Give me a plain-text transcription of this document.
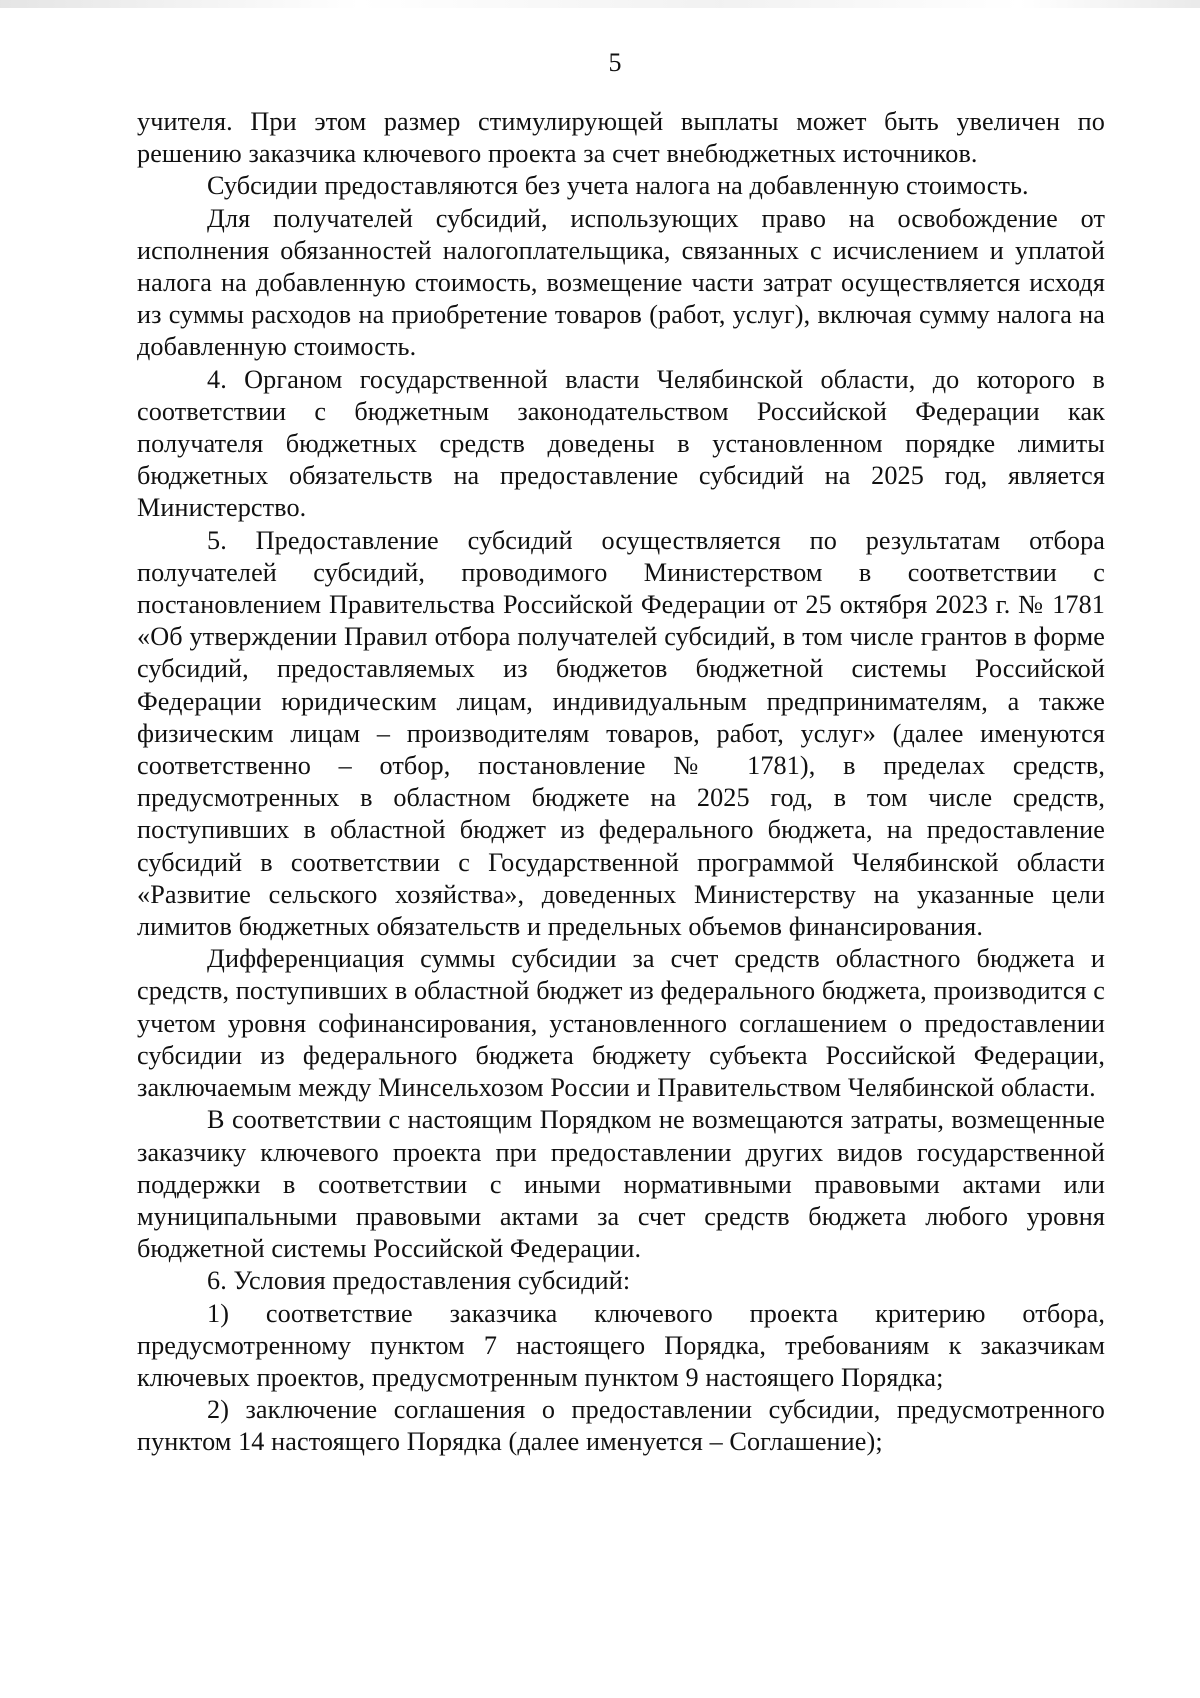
5

учителя. При этом размер стимулирующей выплаты может быть увеличен по решению заказчика ключевого проекта за счет внебюджетных источников.

Субсидии предоставляются без учета налога на добавленную стоимость.

Для получателей субсидий, использующих право на освобождение от исполнения обязанностей налогоплательщика, связанных с исчислением и уплатой налога на добавленную стоимость, возмещение части затрат осуществляется исходя из суммы расходов на приобретение товаров (работ, услуг), включая сумму налога на добавленную стоимость.

4. Органом государственной власти Челябинской области, до которого в соответствии с бюджетным законодательством Российской Федерации как получателя бюджетных средств доведены в установленном порядке лимиты бюджетных обязательств на предоставление субсидий на 2025 год, является Министерство.

5. Предоставление субсидий осуществляется по результатам отбора получателей субсидий, проводимого Министерством в соответствии с постановлением Правительства Российской Федерации от 25 октября 2023 г. № 1781 «Об утверждении Правил отбора получателей субсидий, в том числе грантов в форме субсидий, предоставляемых из бюджетов бюджетной системы Российской Федерации юридическим лицам, индивидуальным предпринимателям, а также физическим лицам – производителям товаров, работ, услуг» (далее именуются соответственно – отбор, постановление № 1781), в пределах средств, предусмотренных в областном бюджете на 2025 год, в том числе средств, поступивших в областной бюджет из федерального бюджета, на предоставление субсидий в соответствии с Государственной программой Челябинской области «Развитие сельского хозяйства», доведенных Министерству на указанные цели лимитов бюджетных обязательств и предельных объемов финансирования.

Дифференциация суммы субсидии за счет средств областного бюджета и средств, поступивших в областной бюджет из федерального бюджета, производится с учетом уровня софинансирования, установленного соглашением о предоставлении субсидии из федерального бюджета бюджету субъекта Российской Федерации, заключаемым между Минсельхозом России и Правительством Челябинской области.

В соответствии с настоящим Порядком не возмещаются затраты, возмещенные заказчику ключевого проекта при предоставлении других видов государственной поддержки в соответствии с иными нормативными правовыми актами или муниципальными правовыми актами за счет средств бюджета любого уровня бюджетной системы Российской Федерации.

6. Условия предоставления субсидий:

1) соответствие заказчика ключевого проекта критерию отбора, предусмотренному пунктом 7 настоящего Порядка, требованиям к заказчикам ключевых проектов, предусмотренным пунктом 9 настоящего Порядка;

2) заключение соглашения о предоставлении субсидии, предусмотренного пунктом 14 настоящего Порядка (далее именуется – Соглашение);
